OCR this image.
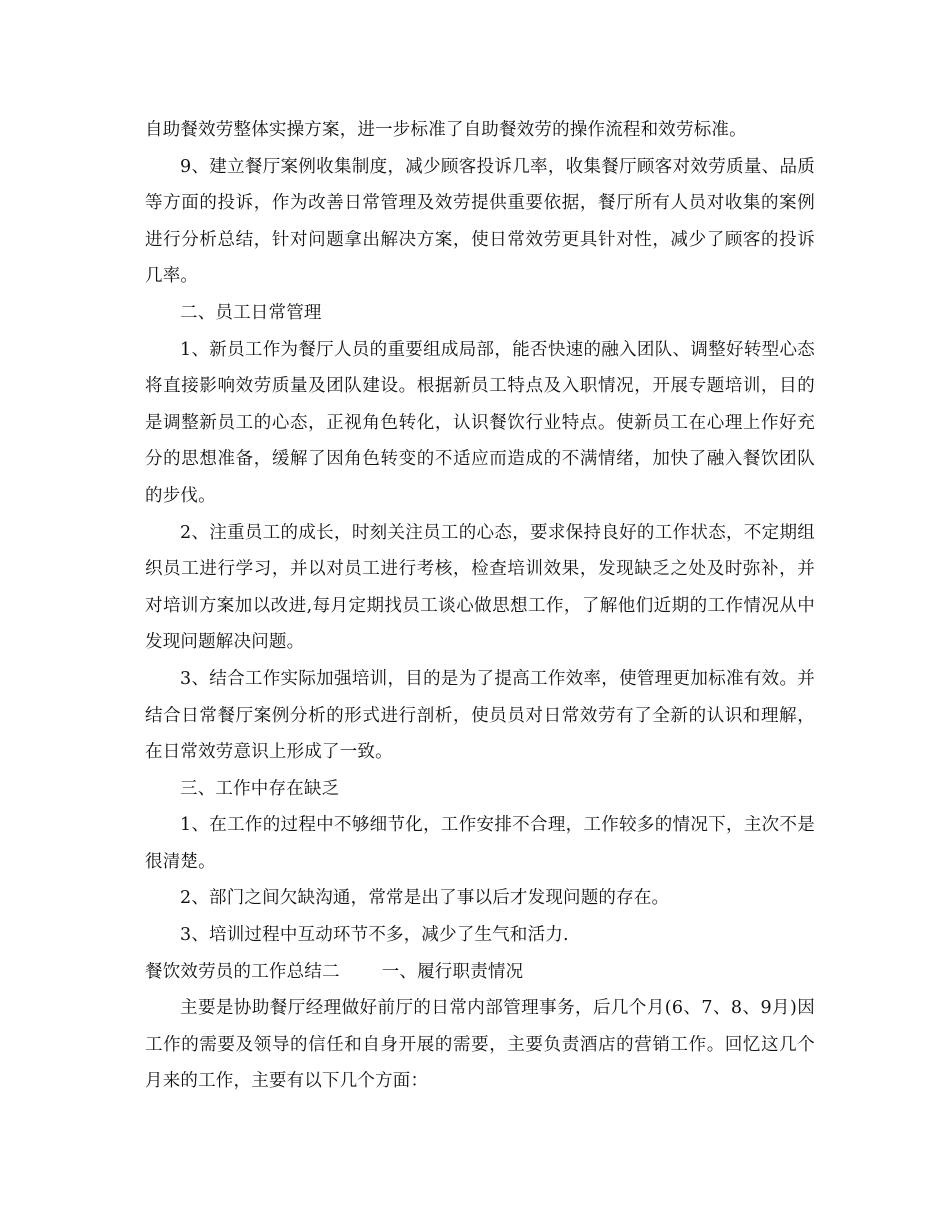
自助餐效劳整体实操方案，进一步标准了自助餐效劳的操作流程和效劳标准。

9、建立餐厅案例收集制度，减少顾客投诉几率，收集餐厅顾客对效劳质量、品质等方面的投诉，作为改善日常管理及效劳提供重要依据，餐厅所有人员对收集的案例进行分析总结，针对问题拿出解决方案，使日常效劳更具针对性，减少了顾客的投诉几率。

二、员工日常管理

1、新员工作为餐厅人员的重要组成局部，能否快速的融入团队、调整好转型心态将直接影响效劳质量及团队建设。根据新员工特点及入职情况，开展专题培训，目的是调整新员工的心态，正视角色转化，认识餐饮行业特点。使新员工在心理上作好充分的思想准备，缓解了因角色转变的不适应而造成的不满情绪，加快了融入餐饮团队的步伐。

2、注重员工的成长，时刻关注员工的心态，要求保持良好的工作状态，不定期组织员工进行学习，并以对员工进行考核，检查培训效果，发现缺乏之处及时弥补，并对培训方案加以改进,每月定期找员工谈心做思想工作，了解他们近期的工作情况从中发现问题解决问题。

3、结合工作实际加强培训，目的是为了提高工作效率，使管理更加标准有效。并结合日常餐厅案例分析的形式进行剖析，使员员对日常效劳有了全新的认识和理解，在日常效劳意识上形成了一致。

三、工作中存在缺乏

1、在工作的过程中不够细节化，工作安排不合理，工作较多的情况下，主次不是很清楚。

2、部门之间欠缺沟通，常常是出了事以后才发现问题的存在。

3、培训过程中互动环节不多，减少了生气和活力.

餐饮效劳员的工作总结二 一、履行职责情况

主要是协助餐厅经理做好前厅的日常内部管理事务，后几个月(6、7、8、9月)因工作的需要及领导的信任和自身开展的需要，主要负责酒店的营销工作。回忆这几个月来的工作，主要有以下几个方面：
